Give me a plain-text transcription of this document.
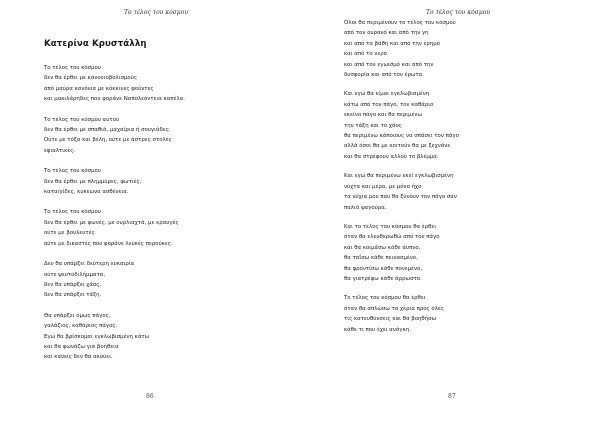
Το τέλος του κόσμου
Κατερίνα Κρυστάλλη
Το τέλος του κόσμου
δεν θα έρθει με κανονιοβολισμούς
από μαύρα κανόνια με κόκκινες φούντες
και μακιλάρηδες που φοράνε Ναπολεόντεια καπέλα.
Το τέλος του κόσμου αυτού
δεν θα έρθει με σπαθιά, μαχαίρια ή σουγιάδες.
Ούτε με τόξα και βέλη, ούτε με άστρες στολές
εφιαλτικές.
Το τέλος του κόσμου
δεν θα έρθει με πλημμύρες, φωτιές,
καταιγίδες, κυκεώνα ασθένεια.
Το τέλος του κόσμου
δεν θα έρθει με φωνές, με ουρλιαχτά, με κραυγές
ούτε με βουλευτές
ούτε με δικαστές που φοράνε λευκές περούκες.
Δεν θα υπάρξει δεύτερη ευκαιρία
ούτε ψευτοδιλήμματα,
δεν θα υπάρξει χάος,
δεν θα υπάρξει τάξη.
Θα υπάρξει όμως πάγος,
γαλάζιος, καθάριος πάγος.
Εγώ θα βρίσκομαι εγκλωβισμένη κάτω
και θα φωνάζω για βοήθεια
και κανείς δεν θα ακούει.
86
Το τέλος του κόσμου
Όλοι θα περιμένουν το τέλος του κόσμου
από τον ουρανό και από την γη
και από τα βάθη και από την έρημο
και από το νερό
και από τον εγωισμό και από την
δυσφορία και από τον έρωτα.
Και εγώ θα είμαι εγκλωβισμένη
κάτω από τον πάγο, τον καθάριο
εκείνο πάγο και θα περιμένω
την τάξη και το χάος
θα περιμένω κάποιους να σπάσει τον πάγο
αλλά όσοι θα με κοιτούν θα με ξεχνάνε
και θα στρέφουν αλλού το βλέμμα.
Και εγώ θα περιμένω εκεί εγκλωβισμένη
νύχτα και μέρα, με μόνο ήχο
τα νύχια μου που θα ξύνουν τον πάγο σαν
παλιά ψαγούρα.
Και το τέλος του κόσμου θα έρθει
όταν θα ελευθερωθώ από τον πάγο
και θα κοιμάσω κάθε άυπνο,
θα ταΐσω κάθε πεινασμένο,
θα φροντίσω κάθε πονεμένο,
θα γιατρέψω κάθε άρρωστο.
Το τέλος του κόσμου θα έρθει
όταν θα απλώσω τα χέρια προς όλες
τις κατευθύνσεις και θα βοηθήσω
κάθε τι που έχει ανάγκη.
87
